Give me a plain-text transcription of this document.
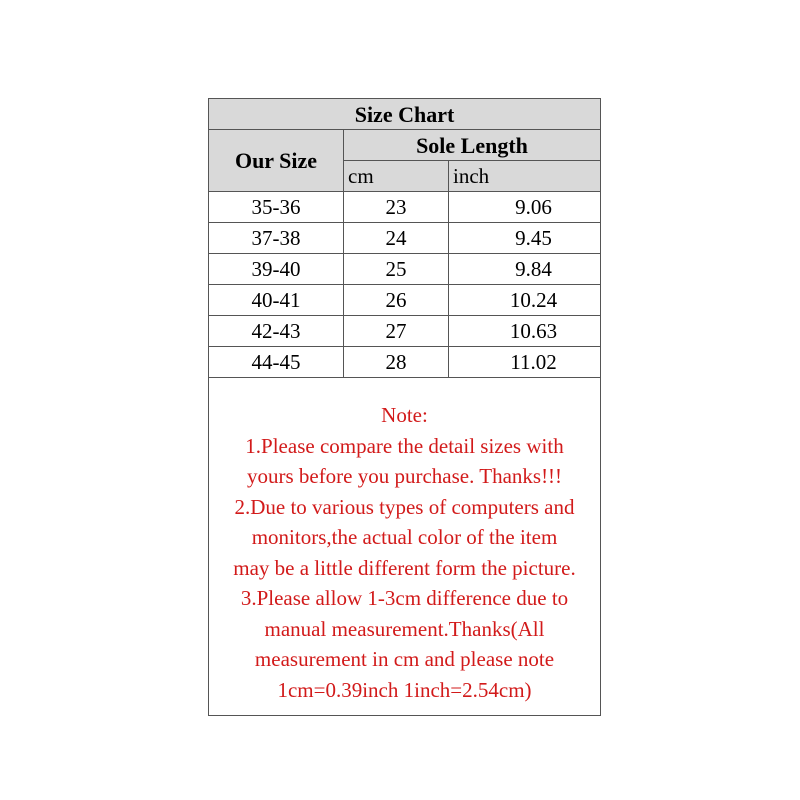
Size Chart
Our Size
Sole Length
cm	inch
35-36	23	9.06
37-38	24	9.45
39-40	25	9.84
40-41	26	10.24
42-43	27	10.63
44-45	28	11.02
Note:
1.Please compare the detail sizes with
yours before you purchase. Thanks!!!
2.Due to various types of computers and
monitors,the actual color of the item
may be a little different form the picture.
3.Please allow 1-3cm difference due to
manual measurement.Thanks(All
measurement in cm and please note
1cm=0.39inch 1inch=2.54cm)
